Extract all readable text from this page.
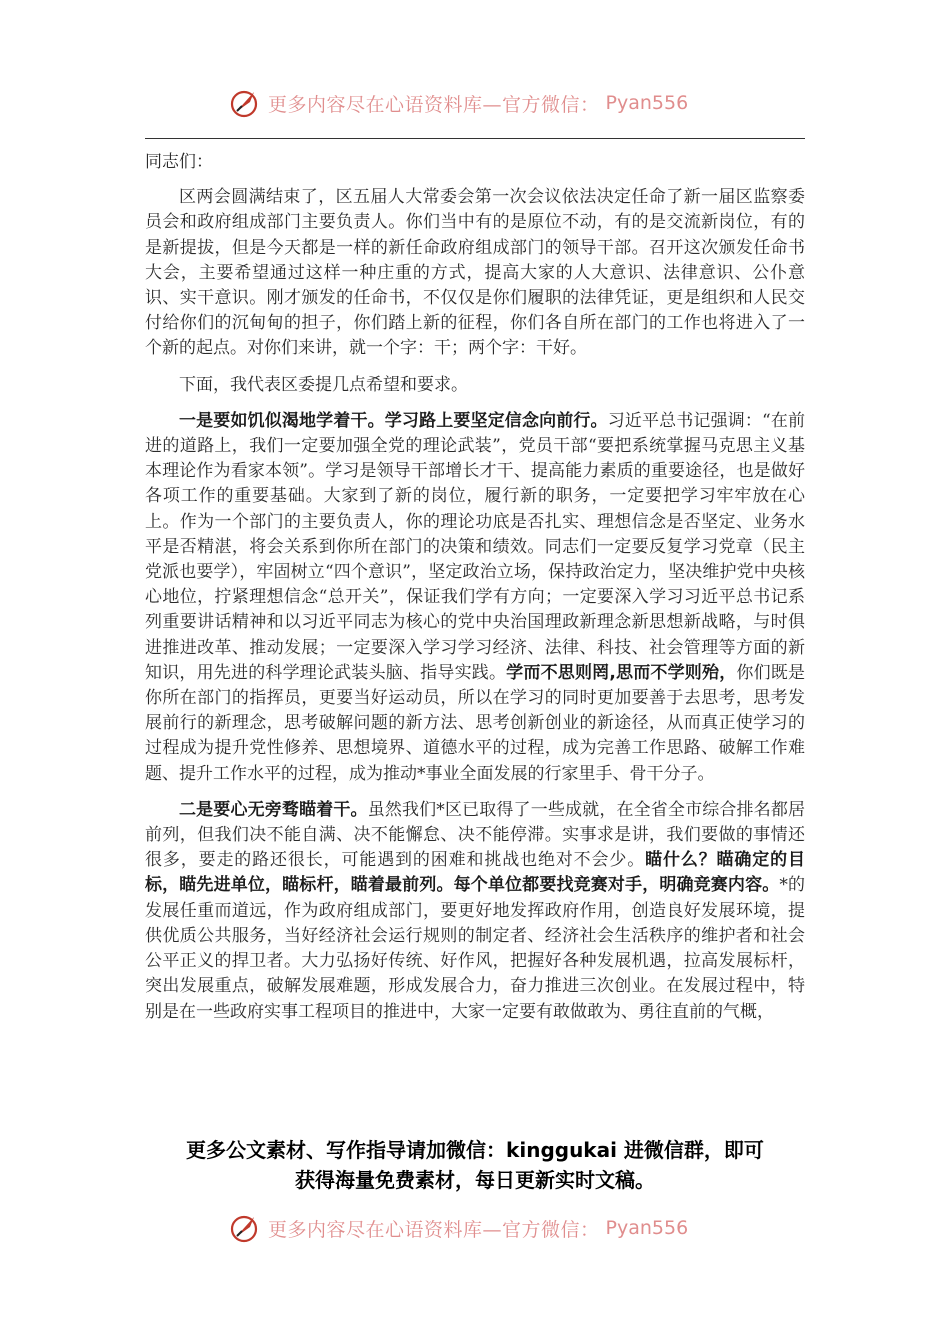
更多内容尽在心语资料库—官方微信： Pyan556

同志们：

区两会圆满结束了，区五届人大常委会第一次会议依法决定任命了新一届区监察委员会和政府组成部门主要负责人。你们当中有的是原位不动，有的是交流新岗位，有的是新提拔，但是今天都是一样的新任命政府组成部门的领导干部。召开这次颁发任命书大会，主要希望通过这样一种庄重的方式，提高大家的人大意识、法律意识、公仆意识、实干意识。刚才颁发的任命书，不仅仅是你们履职的法律凭证，更是组织和人民交付给你们的沉甸甸的担子，你们踏上新的征程，你们各自所在部门的工作也将进入了一个新的起点。对你们来讲，就一个字：干；两个字：干好。

下面，我代表区委提几点希望和要求。

一是要如饥似渴地学着干。学习路上要坚定信念向前行。习近平总书记强调：“在前进的道路上，我们一定要加强全党的理论武装”，党员干部“要把系统掌握马克思主义基本理论作为看家本领”。学习是领导干部增长才干、提高能力素质的重要途径，也是做好各项工作的重要基础。大家到了新的岗位，履行新的职务，一定要把学习牢牢放在心上。作为一个部门的主要负责人，你的理论功底是否扎实、理想信念是否坚定、业务水平是否精湛，将会关系到你所在部门的决策和绩效。同志们一定要反复学习党章（民主党派也要学），牢固树立“四个意识”，坚定政治立场，保持政治定力，坚决维护党中央核心地位，拧紧理想信念“总开关”，保证我们学有方向；一定要深入学习习近平总书记系列重要讲话精神和以习近平同志为核心的党中央治国理政新理念新思想新战略，与时俱进推进改革、推动发展；一定要深入学习学习经济、法律、科技、社会管理等方面的新知识，用先进的科学理论武装头脑、指导实践。学而不思则罔,思而不学则殆，你们既是你所在部门的指挥员，更要当好运动员，所以在学习的同时更加要善于去思考，思考发展前行的新理念，思考破解问题的新方法、思考创新创业的新途径，从而真正使学习的过程成为提升党性修养、思想境界、道德水平的过程，成为完善工作思路、破解工作难题、提升工作水平的过程，成为推动*事业全面发展的行家里手、骨干分子。

二是要心无旁骛瞄着干。虽然我们*区已取得了一些成就，在全省全市综合排名都居前列，但我们决不能自满、决不能懈怠、决不能停滞。实事求是讲，我们要做的事情还很多，要走的路还很长，可能遇到的困难和挑战也绝对不会少。瞄什么？瞄确定的目标，瞄先进单位，瞄标杆，瞄着最前列。每个单位都要找竞赛对手，明确竞赛内容。*的发展任重而道远，作为政府组成部门，要更好地发挥政府作用，创造良好发展环境，提供优质公共服务，当好经济社会运行规则的制定者、经济社会生活秩序的维护者和社会公平正义的捍卫者。大力弘扬好传统、好作风，把握好各种发展机遇，拉高发展标杆，突出发展重点，破解发展难题，形成发展合力，奋力推进三次创业。在发展过程中，特别是在一些政府实事工程项目的推进中，大家一定要有敢做敢为、勇往直前的气概，

更多公文素材、写作指导请加微信：kinggukai 进微信群，即可
获得海量免费素材，每日更新实时文稿。
更多内容尽在心语资料库—官方微信： Pyan556
